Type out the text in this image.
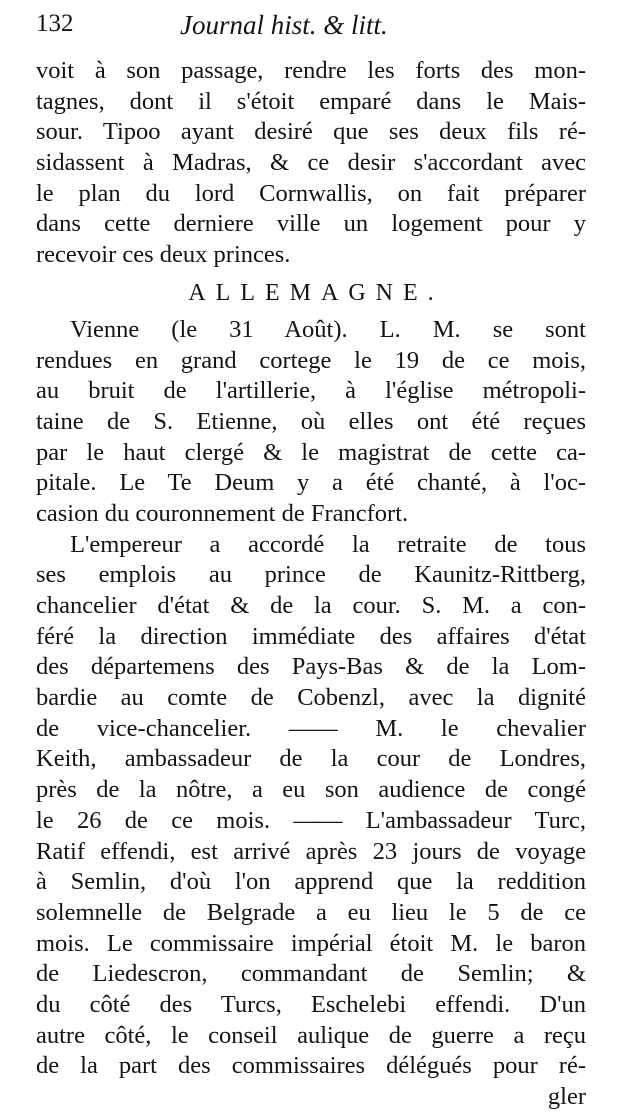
132	Journal hist. & litt.
voit à son passage, rendre les forts des mon-
tagnes, dont il s'étoit emparé dans le Mais-
sour. Tipoo ayant desiré que ses deux fils ré-
sidassent à Madras, & ce desir s'accordant avec
le plan du lord Cornwallis, on fait préparer
dans cette derniere ville un logement pour y
recevoir ces deux princes.
ALLEMAGNE.
Vienne (le 31 Août). L. M. se sont
rendues en grand cortege le 19 de ce mois,
au bruit de l'artillerie, à l'église métropoli-
taine de S. Etienne, où elles ont été reçues
par le haut clergé & le magistrat de cette ca-
pitale. Le Te Deum y a été chanté, à l'oc-
casion du couronnement de Francfort.
L'empereur a accordé la retraite de tous
ses emplois au prince de Kaunitz-Rittberg,
chancelier d'état & de la cour. S. M. a con-
féré la direction immédiate des affaires d'état
des départemens des Pays-Bas & de la Lom-
bardie au comte de Cobenzl, avec la dignité
de vice-chancelier. —— M. le chevalier
Keith, ambassadeur de la cour de Londres,
près de la nôtre, a eu son audience de congé
le 26 de ce mois. —— L'ambassadeur Turc,
Ratif effendi, est arrivé après 23 jours de voyage
à Semlin, d'où l'on apprend que la reddition
solemnelle de Belgrade a eu lieu le 5 de ce
mois. Le commissaire impérial étoit M. le baron
de Liedescron, commandant de Semlin; &
du côté des Turcs, Eschelebi effendi. D'un
autre côté, le conseil aulique de guerre a reçu
de la part des commissaires délégués pour ré-
gler
